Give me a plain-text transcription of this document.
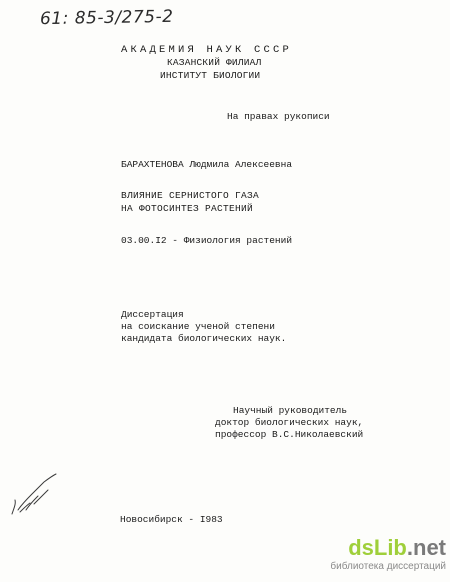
61: 85-3/275-2
АКАДЕМИЯ НАУК СССР
КАЗАНСКИЙ ФИЛИАЛ
ИНСТИТУТ БИОЛОГИИ
На правах рукописи
БАРАХТЕНОВА Людмила Алексеевна
ВЛИЯНИЕ СЕРНИСТОГО ГАЗА
НА ФОТОСИНТЕЗ РАСТЕНИЙ
03.00.I2 - Физиология растений
Диссертация
на соискание ученой степени
кандидата биологических наук.
Научный руководитель
доктор биологических наук,
профессор В.С.Николаевский
Новосибирск - I983
dsLib.net
библиотека диссертаций
